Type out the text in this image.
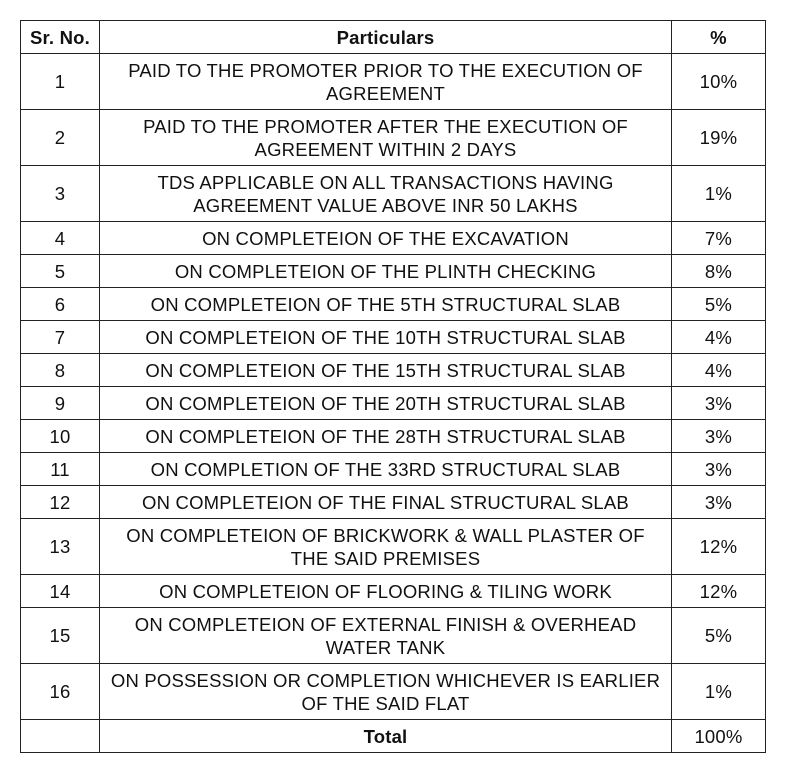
Sr. No.	Particulars	%
1	PAID TO THE PROMOTER PRIOR TO THE EXECUTION OF AGREEMENT	10%
2	PAID TO THE PROMOTER AFTER THE EXECUTION OF AGREEMENT WITHIN 2 DAYS	19%
3	TDS APPLICABLE ON ALL TRANSACTIONS HAVING AGREEMENT VALUE ABOVE INR 50 LAKHS	1%
4	ON COMPLETEION OF THE EXCAVATION	7%
5	ON COMPLETEION OF THE PLINTH CHECKING	8%
6	ON COMPLETEION OF THE 5TH STRUCTURAL SLAB	5%
7	ON COMPLETEION OF THE 10TH STRUCTURAL SLAB	4%
8	ON COMPLETEION OF THE 15TH STRUCTURAL SLAB	4%
9	ON COMPLETEION OF THE 20TH STRUCTURAL SLAB	3%
10	ON COMPLETEION OF THE 28TH STRUCTURAL SLAB	3%
11	ON COMPLETION OF THE 33RD STRUCTURAL SLAB	3%
12	ON COMPLETEION OF THE FINAL STRUCTURAL SLAB	3%
13	ON COMPLETEION OF BRICKWORK & WALL PLASTER OF THE SAID PREMISES	12%
14	ON COMPLETEION OF FLOORING & TILING WORK	12%
15	ON COMPLETEION OF EXTERNAL FINISH & OVERHEAD WATER TANK	5%
16	ON POSSESSION OR COMPLETION WHICHEVER IS EARLIER OF THE SAID FLAT	1%
	Total	100%
